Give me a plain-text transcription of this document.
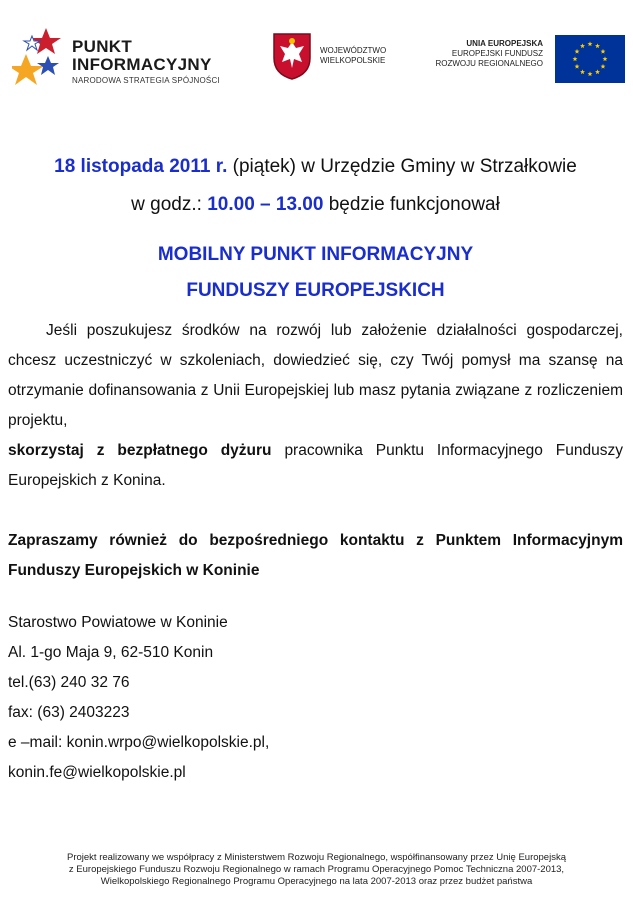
PUNKT
INFORMACYJNY
NARODOWA STRATEGIA SPÓJNOŚCI
WOJEWÓDZTWO
WIELKOPOLSKIE
UNIA EUROPEJSKA
EUROPEJSKI FUNDUSZ
ROZWOJU REGIONALNEGO
18 listopada 2011 r. (piątek) w Urzędzie Gminy w Strzałkowie
w godz.: 10.00 – 13.00 będzie funkcjonował
MOBILNY PUNKT INFORMACYJNY
FUNDUSZY EUROPEJSKICH
Jeśli poszukujesz środków na rozwój lub założenie działalności gospodarczej, chcesz uczestniczyć w szkoleniach, dowiedzieć się, czy Twój pomysł ma szansę na otrzymanie dofinansowania z Unii Europejskiej lub masz pytania związane z rozliczeniem projektu,
skorzystaj z bezpłatnego dyżuru pracownika Punktu Informacyjnego Funduszy Europejskich z Konina.
Zapraszamy również do bezpośredniego kontaktu z Punktem Informacyjnym Funduszy Europejskich w Koninie
Starostwo Powiatowe w Koninie
Al. 1-go Maja 9, 62-510 Konin
tel.(63) 240 32 76
fax: (63) 2403223
e –mail: konin.wrpo@wielkopolskie.pl,
konin.fe@wielkopolskie.pl
Projekt realizowany we współpracy z Ministerstwem Rozwoju Regionalnego, współfinansowany przez Unię Europejską
z Europejskiego Funduszu Rozwoju Regionalnego w ramach Programu Operacyjnego Pomoc Techniczna 2007-2013,
Wielkopolskiego Regionalnego Programu Operacyjnego na lata 2007-2013 oraz przez budżet państwa
